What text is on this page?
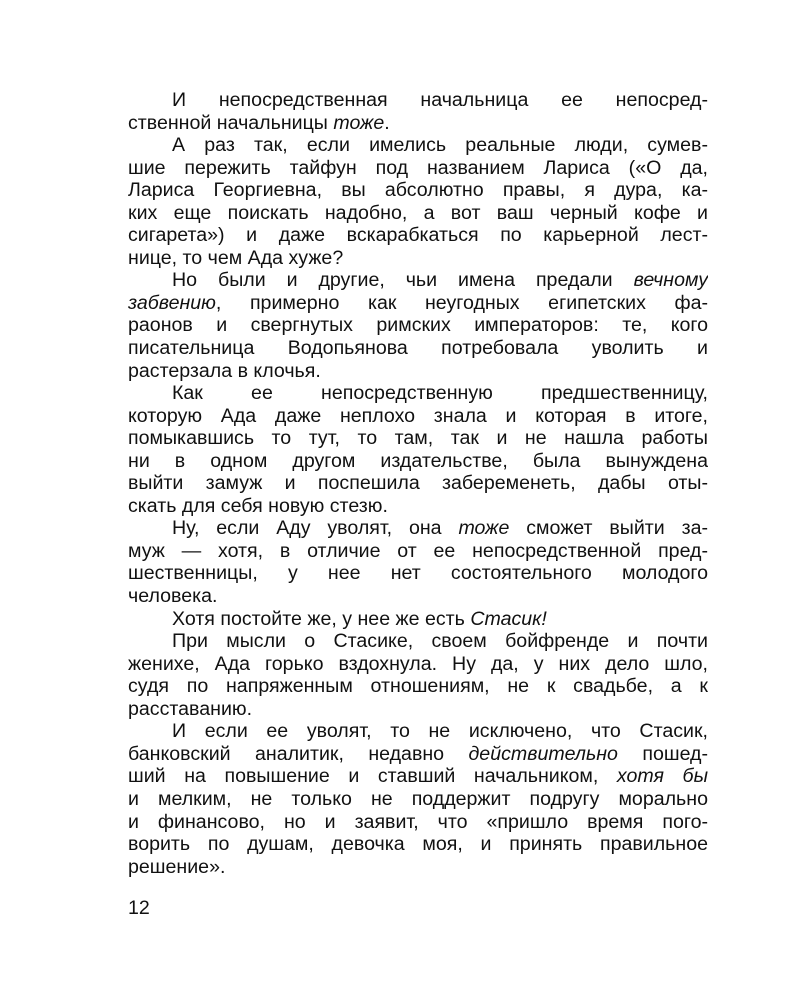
И непосредственная начальница ее непосред-
ственной начальницы тоже.
А раз так, если имелись реальные люди, сумев-
шие пережить тайфун под названием Лариса («О да,
Лариса Георгиевна, вы абсолютно правы, я дура, ка-
ких еще поискать надобно, а вот ваш черный кофе и
сигарета») и даже вскарабкаться по карьерной лест-
нице, то чем Ада хуже?
Но были и другие, чьи имена предали вечному
забвению, примерно как неугодных египетских фа-
раонов и свергнутых римских императоров: те, кого
писательница Водопьянова потребовала уволить и
растерзала в клочья.
Как ее непосредственную предшественницу,
которую Ада даже неплохо знала и которая в итоге,
помыкавшись то тут, то там, так и не нашла работы
ни в одном другом издательстве, была вынуждена
выйти замуж и поспешила забеременеть, дабы оты-
скать для себя новую стезю.
Ну, если Аду уволят, она тоже сможет выйти за-
муж — хотя, в отличие от ее непосредственной пред-
шественницы, у нее нет состоятельного молодого
человека.
Хотя постойте же, у нее же есть Стасик!
При мысли о Стасике, своем бойфренде и почти
женихе, Ада горько вздохнула. Ну да, у них дело шло,
судя по напряженным отношениям, не к свадьбе, а к
расставанию.
И если ее уволят, то не исключено, что Стасик,
банковский аналитик, недавно действительно пошед-
ший на повышение и ставший начальником, хотя бы
и мелким, не только не поддержит подругу морально
и финансово, но и заявит, что «пришло время пого-
ворить по душам, девочка моя, и принять правильное
решение».
12
